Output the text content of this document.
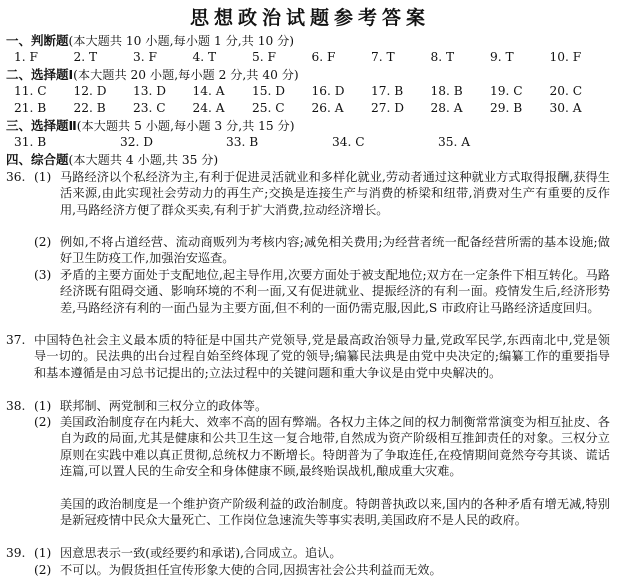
思想政治试题参考答案
一、判断题(本大题共 10 小题,每小题 1 分,共 10 分)
1. F	2. T	3. F	4. T	5. F	6. F	7. T	8. T	9. T	10. F
二、选择题Ⅰ(本大题共 20 小题,每小题 2 分,共 40 分)
11. C 12. D 13. D 14. A 15. D 16. D 17. B 18. B 19. C 20. C
21. B 22. B 23. C 24. A 25. C 26. A 27. D 28. A 29. B 30. A
三、选择题Ⅱ(本大题共 5 小题,每小题 3 分,共 15 分)
31. B	32. D	33. B	34. C	35. A
四、综合题(本大题共 4 小题,共 35 分)
36. (1) 马路经济以个私经济为主,有利于促进灵活就业和多样化就业,劳动者通过这种就业方式取得报酬,获得生活来源,由此实现社会劳动力的再生产;交换是连接生产与消费的桥梁和纽带,消费对生产有重要的反作用,马路经济方便了群众买卖,有利于扩大消费,拉动经济增长。
(2) 例如,不将占道经营、流动商贩列为考核内容;减免相关费用;为经营者统一配备经营所需的基本设施;做好卫生防疫工作,加强治安巡查。
(3) 矛盾的主要方面处于支配地位,起主导作用,次要方面处于被支配地位;双方在一定条件下相互转化。马路经济既有阻碍交通、影响环境的不利一面,又有促进就业、提振经济的有利一面。疫情发生后,经济形势差,马路经济有利的一面凸显为主要方面,但不利的一面仍需克服,因此,S 市政府让马路经济适度回归。
37. 中国特色社会主义最本质的特征是中国共产党领导,党是最高政治领导力量,党政军民学,东西南北中,党是领导一切的。民法典的出台过程自始至终体现了党的领导;编纂民法典是由党中央决定的;编纂工作的重要指导和基本遵循是由习总书记提出的;立法过程中的关键问题和重大争议是由党中央解决的。
38. (1) 联邦制、两党制和三权分立的政体等。
(2) 美国政治制度存在内耗大、效率不高的固有弊端。各权力主体之间的权力制衡常常演变为相互扯皮、各自为政的局面,尤其是健康和公共卫生这一复合地带,自然成为资产阶级相互推卸责任的对象。三权分立原则在实践中难以真正贯彻,总统权力不断增长。特朗普为了争取连任,在疫情期间竟然夸夸其谈、谎话连篇,可以置人民的生命安全和身体健康不顾,最终贻误战机,酿成重大灾难。
美国的政治制度是一个维护资产阶级利益的政治制度。特朗普执政以来,国内的各种矛盾有增无减,特别是新冠疫情中民众大量死亡、工作岗位急速流失等事实表明,美国政府不是人民的政府。
39. (1) 因意思表示一致(或经要约和承诺),合同成立。追认。
(2) 不可以。为假货担任宣传形象大使的合同,因损害社会公共利益而无效。
